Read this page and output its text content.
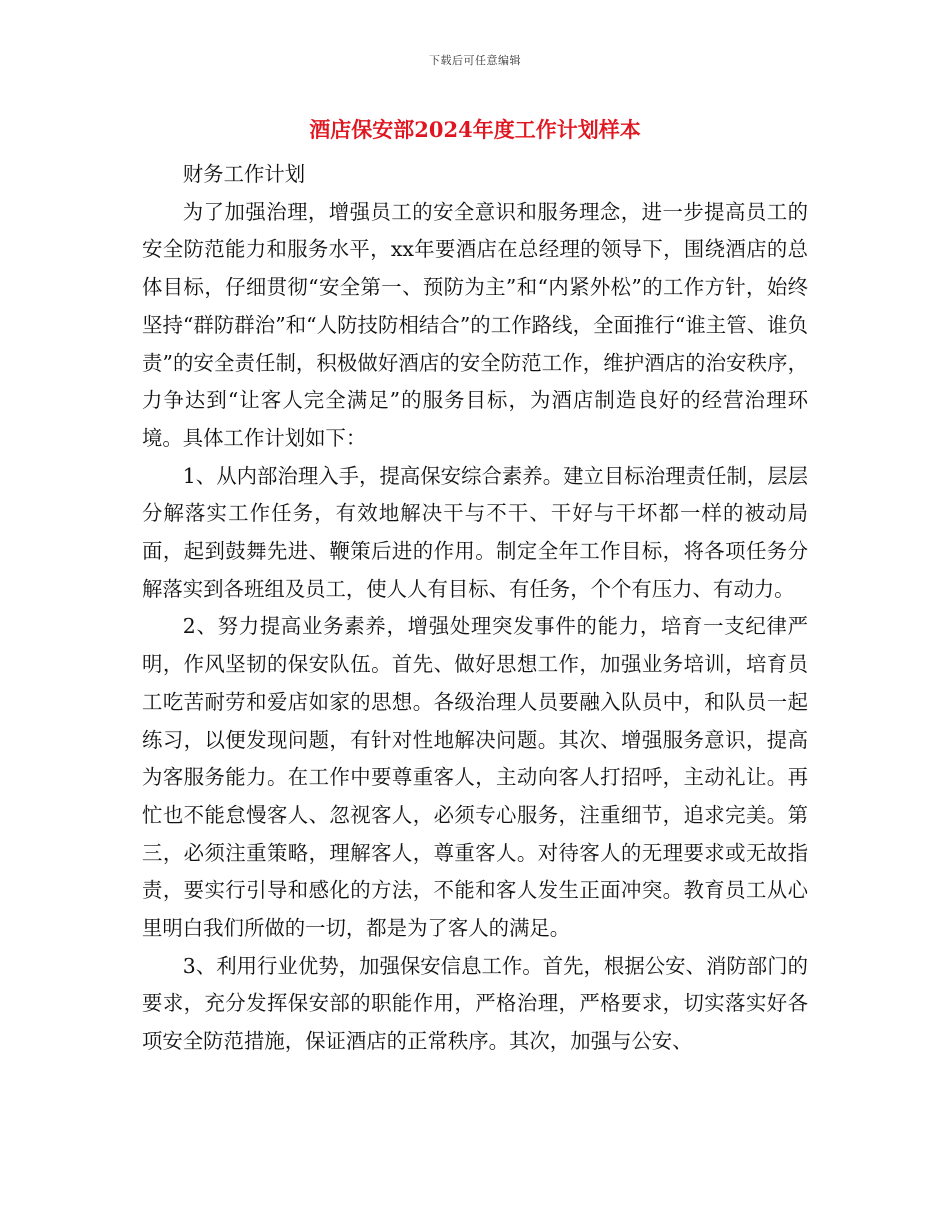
下载后可任意编辑
酒店保安部2024年度工作计划样本

财务工作计划

为了加强治理，增强员工的安全意识和服务理念，进一步提高员工的安全防范能力和服务水平，xx年要酒店在总经理的领导下，围绕酒店的总体目标，仔细贯彻“安全第一、预防为主”和“内紧外松”的工作方针，始终坚持“群防群治”和“人防技防相结合”的工作路线，全面推行“谁主管、谁负责”的安全责任制，积极做好酒店的安全防范工作，维护酒店的治安秩序，力争达到“让客人完全满足”的服务目标，为酒店制造良好的经营治理环境。具体工作计划如下：

1、从内部治理入手，提高保安综合素养。建立目标治理责任制，层层分解落实工作任务，有效地解决干与不干、干好与干坏都一样的被动局面，起到鼓舞先进、鞭策后进的作用。制定全年工作目标，将各项任务分解落实到各班组及员工，使人人有目标、有任务，个个有压力、有动力。

2、努力提高业务素养，增强处理突发事件的能力，培育一支纪律严明，作风坚韧的保安队伍。首先、做好思想工作，加强业务培训，培育员工吃苦耐劳和爱店如家的思想。各级治理人员要融入队员中，和队员一起练习，以便发现问题，有针对性地解决问题。其次、增强服务意识，提高为客服务能力。在工作中要尊重客人，主动向客人打招呼，主动礼让。再忙也不能怠慢客人、忽视客人，必须专心服务，注重细节，追求完美。第三，必须注重策略，理解客人，尊重客人。对待客人的无理要求或无故指责，要实行引导和感化的方法，不能和客人发生正面冲突。教育员工从心里明白我们所做的一切，都是为了客人的满足。

3、利用行业优势，加强保安信息工作。首先，根据公安、消防部门的要求，充分发挥保安部的职能作用，严格治理，严格要求，切实落实好各项安全防范措施，保证酒店的正常秩序。其次，加强与公安、
